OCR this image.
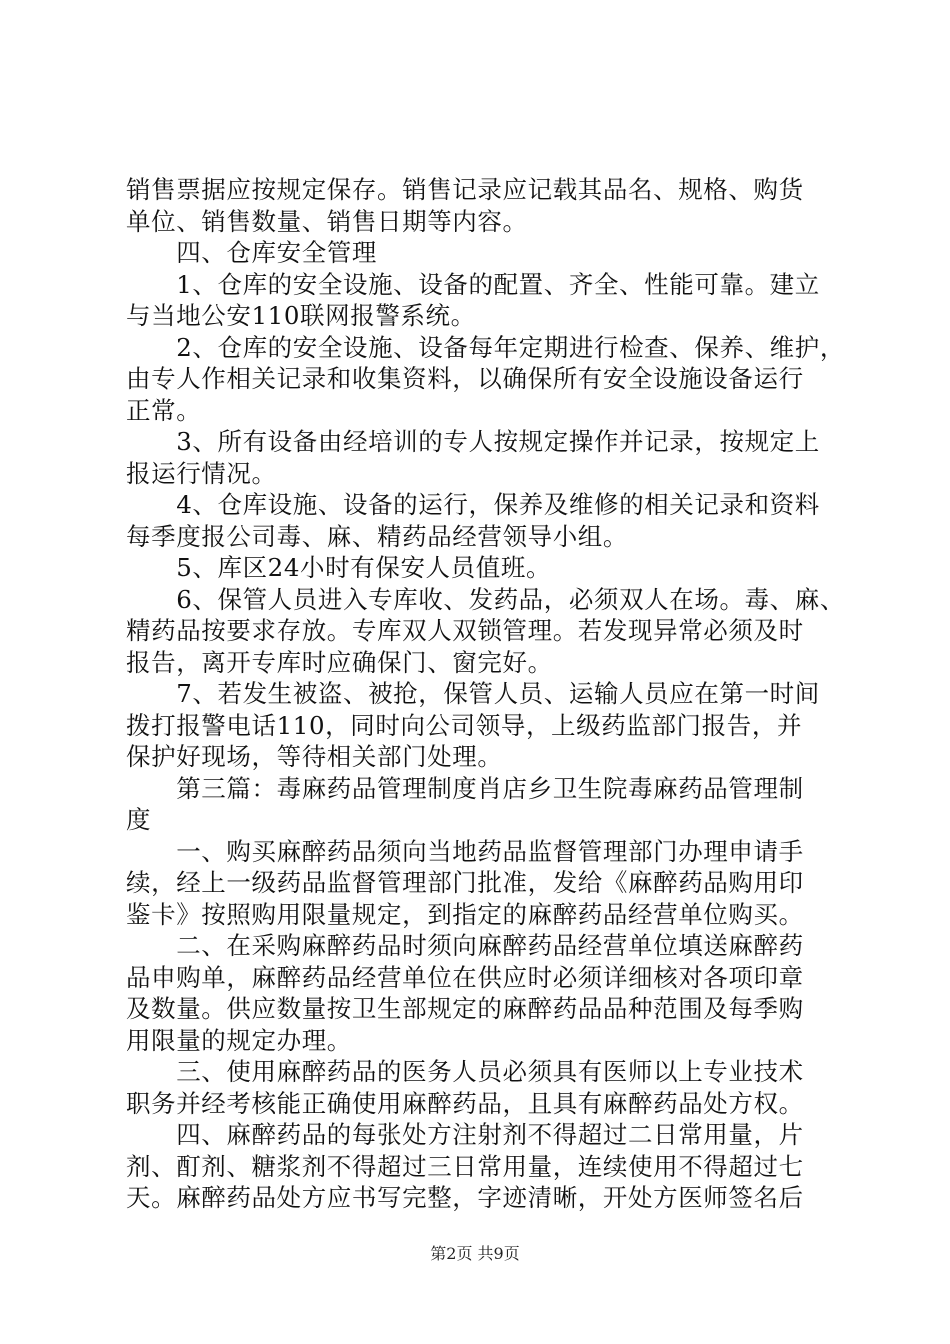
销售票据应按规定保存。销售记录应记载其品名、规格、购货
单位、销售数量、销售日期等内容。
　　四、仓库安全管理
　　1、仓库的安全设施、设备的配置、齐全、性能可靠。建立
与当地公安110联网报警系统。
　　2、仓库的安全设施、设备每年定期进行检查、保养、维护，
由专人作相关记录和收集资料，以确保所有安全设施设备运行
正常。
　　3、所有设备由经培训的专人按规定操作并记录，按规定上
报运行情况。
　　4、仓库设施、设备的运行，保养及维修的相关记录和资料
每季度报公司毒、麻、精药品经营领导小组。
　　5、库区24小时有保安人员值班。
　　6、保管人员进入专库收、发药品，必须双人在场。毒、麻、
精药品按要求存放。专库双人双锁管理。若发现异常必须及时
报告，离开专库时应确保门、窗完好。
　　7、若发生被盗、被抢，保管人员、运输人员应在第一时间
拨打报警电话110，同时向公司领导，上级药监部门报告，并
保护好现场，等待相关部门处理。
　　第三篇：毒麻药品管理制度肖店乡卫生院毒麻药品管理制
度
　　一、购买麻醉药品须向当地药品监督管理部门办理申请手
续，经上一级药品监督管理部门批准，发给《麻醉药品购用印
鉴卡》按照购用限量规定，到指定的麻醉药品经营单位购买。
　　二、在采购麻醉药品时须向麻醉药品经营单位填送麻醉药
品申购单，麻醉药品经营单位在供应时必须详细核对各项印章
及数量。供应数量按卫生部规定的麻醉药品品种范围及每季购
用限量的规定办理。
　　三、使用麻醉药品的医务人员必须具有医师以上专业技术
职务并经考核能正确使用麻醉药品，且具有麻醉药品处方权。
　　四、麻醉药品的每张处方注射剂不得超过二日常用量，片
剂、酊剂、糖浆剂不得超过三日常用量，连续使用不得超过七
天。麻醉药品处方应书写完整，字迹清晰，开处方医师签名后
第2页 共9页
